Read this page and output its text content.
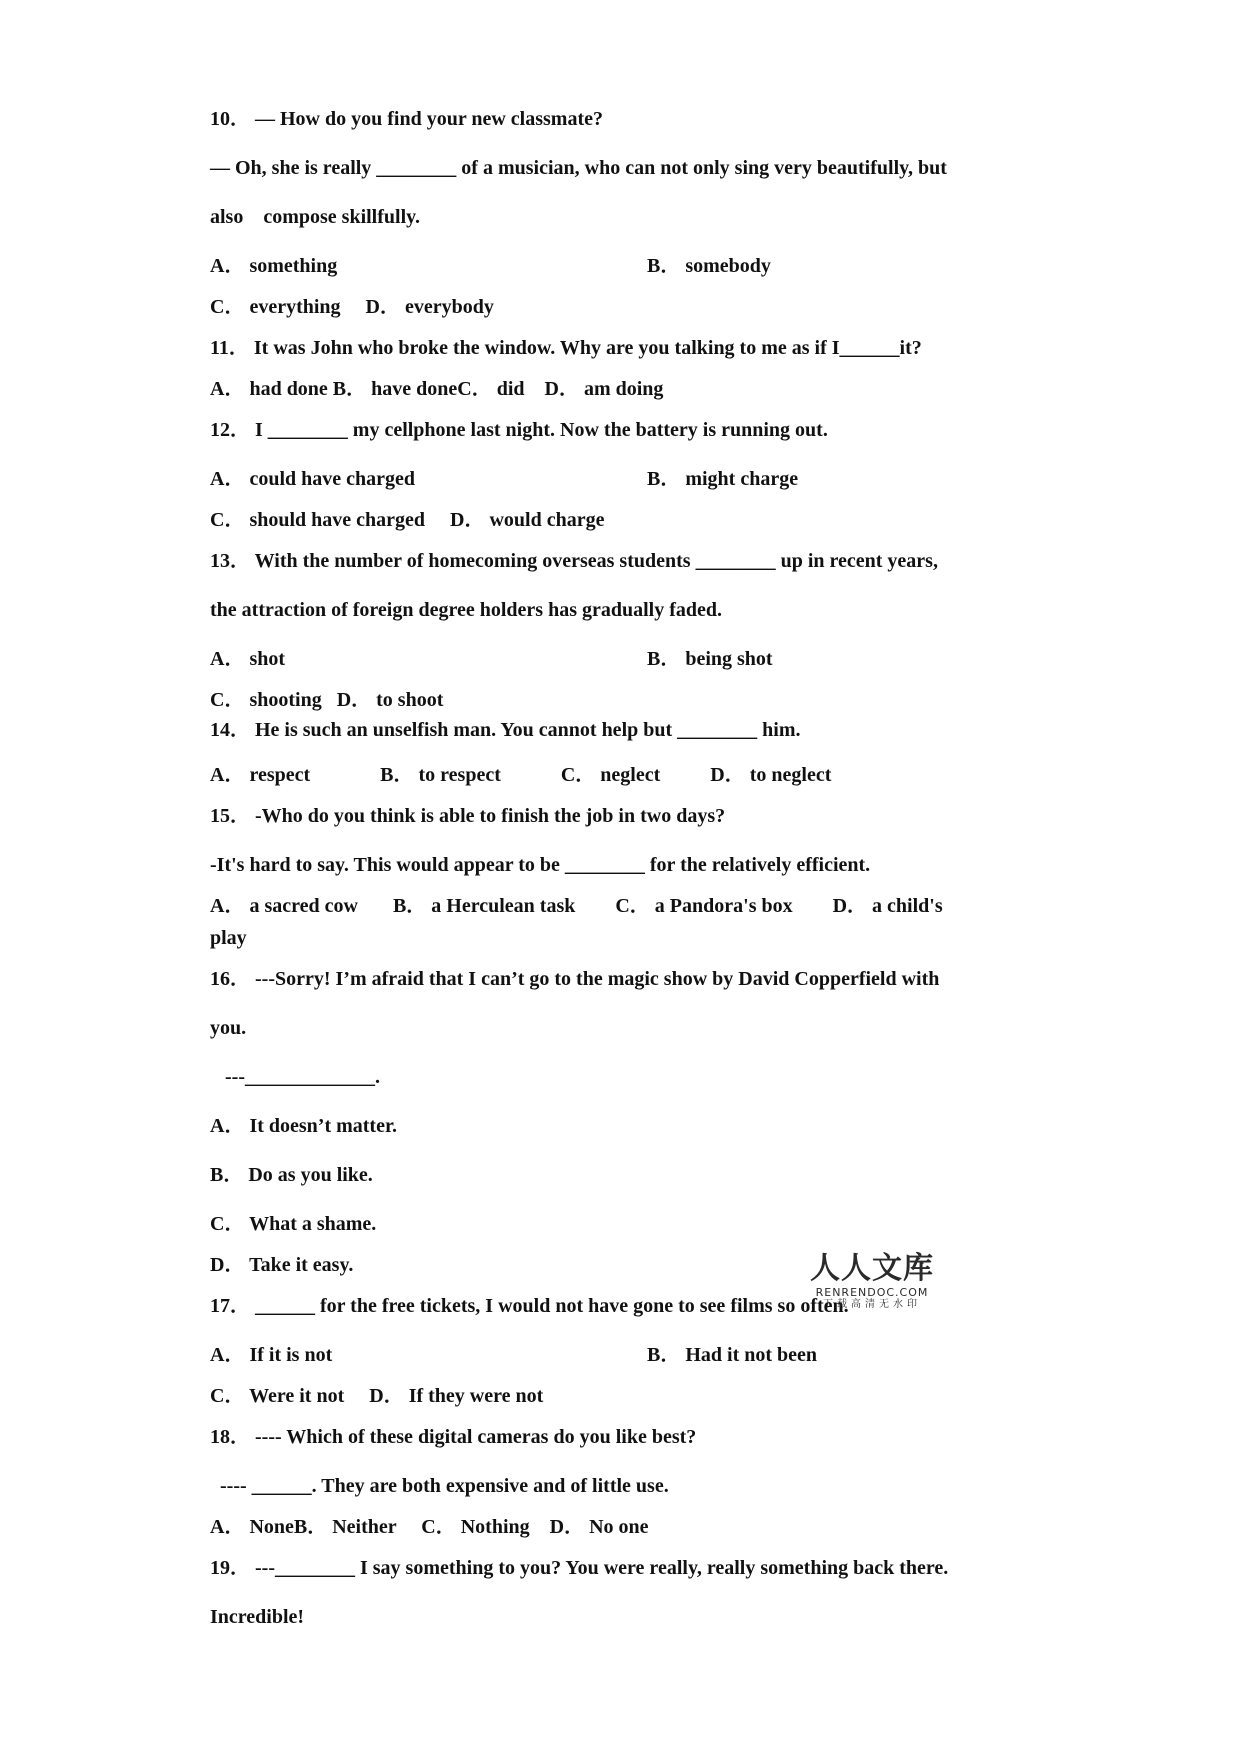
10． — How do you find your new classmate?
— Oh, she is really ________ of a musician, who can not only sing very beautifully, but
also    compose skillfully.
A． something
C． everything     D． everybody
11． It was John who broke the window. Why are you talking to me as if I______it?
A． had done B． have doneC． did    D． am doing
12． I ________ my cellphone last night. Now the battery is running out.
A． could have charged
C． should have charged     D． would charge
13． With the number of homecoming overseas students ________ up in recent years,
the attraction of foreign degree holders has gradually faded.
A． shot
C． shooting   D． to shoot
14． He is such an unselfish man. You cannot help but ________ him.
A． respect              B． to respect            C． neglect          D． to neglect
15． -Who do you think is able to finish the job in two days?
-It's hard to say. This would appear to be ________ for the relatively efficient.
A． a sacred cow       B． a Herculean task        C． a Pandora's box        D． a child's
play
16． ---Sorry! I’m afraid that I can’t go to the magic show by David Copperfield with
you.
---_____________.
A． It doesn’t matter.
B． Do as you like.
C． What a shame.
D． Take it easy.
17． ______ for the free tickets, I would not have gone to see films so often.
A． If it is not
C． Were it not     D． If they were not
18． ---- Which of these digital cameras do you like best?
---- ______. They are both expensive and of little use.
A． NoneB． Neither     C． Nothing    D． No one
19． ---________ I say something to you? You were really, really something back there.
Incredible!
B． somebody
B． might charge
B． being shot
B． Had it not been
人人文库
RENRENDOC.COM
下载高清无水印
